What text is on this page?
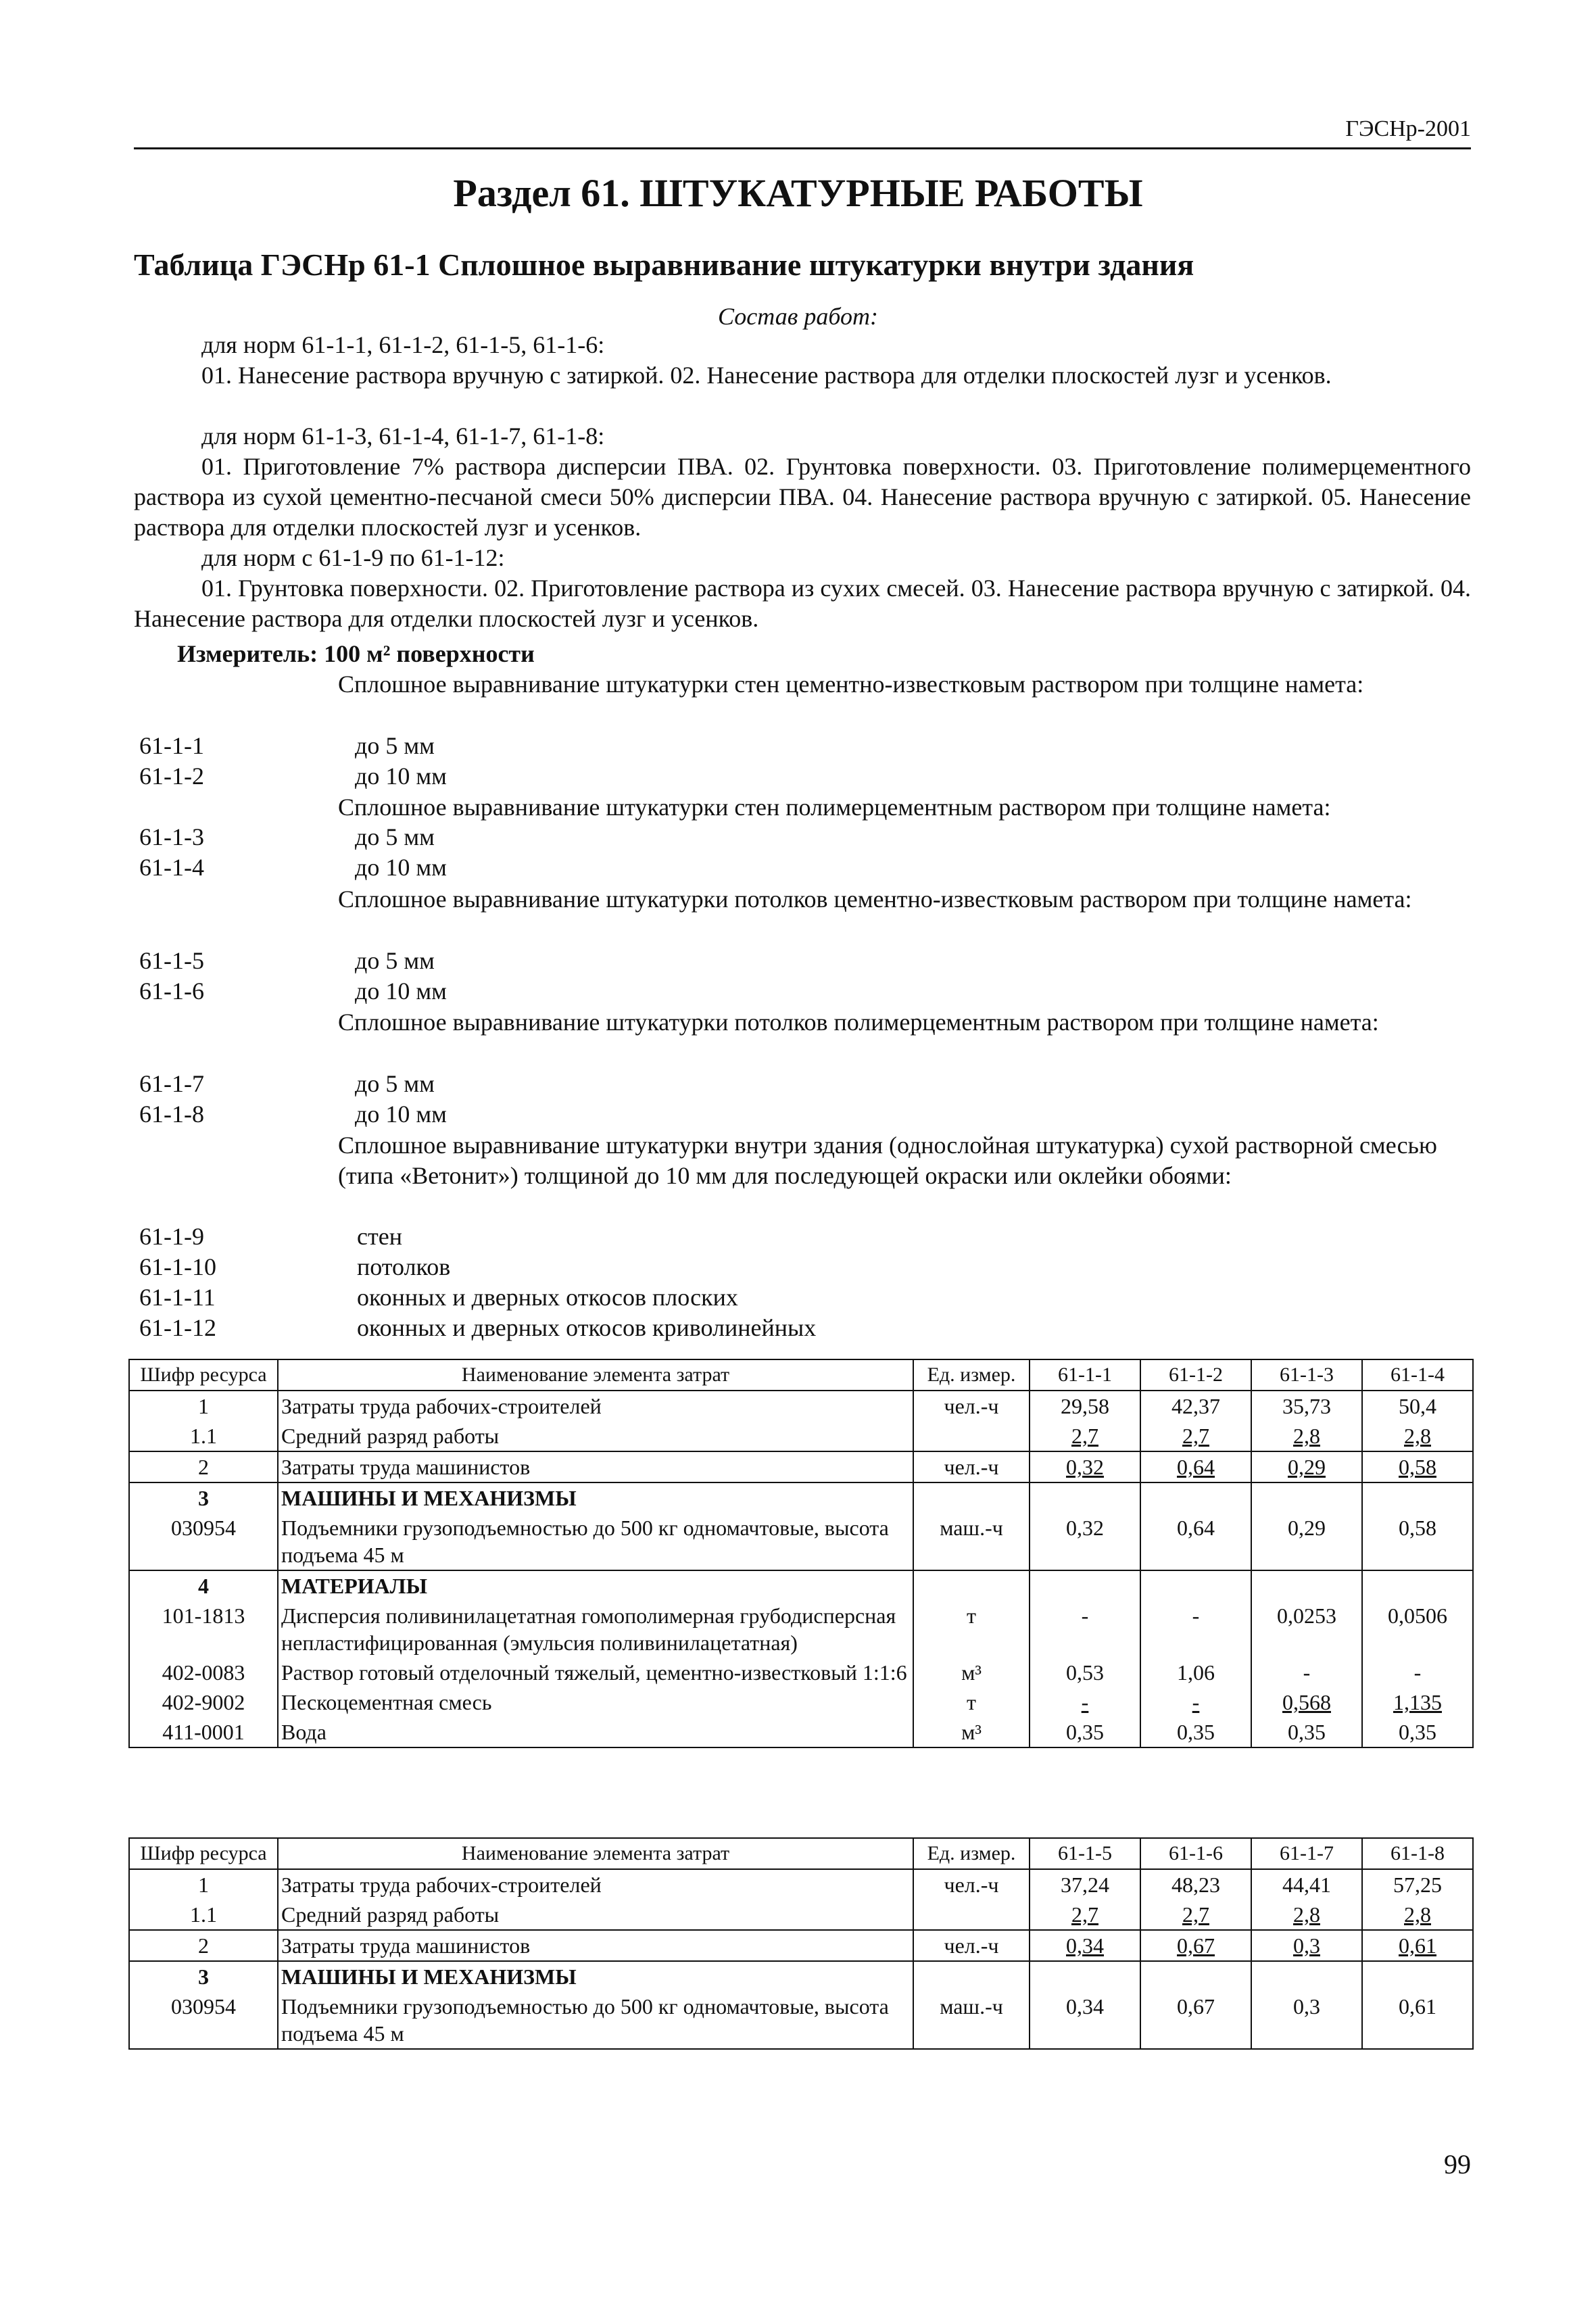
ГЭСНр-2001
Раздел 61. ШТУКАТУРНЫЕ РАБОТЫ
Таблица ГЭСНр 61-1 Сплошное выравнивание штукатурки внутри здания
Состав работ:
для норм 61-1-1, 61-1-2, 61-1-5, 61-1-6:
01. Нанесение раствора вручную с затиркой. 02. Нанесение раствора для отделки плоскостей лузг и усенков.
для норм 61-1-3, 61-1-4, 61-1-7, 61-1-8:
01. Приготовление 7% раствора дисперсии ПВА. 02. Грунтовка поверхности. 03. Приготовление полимерцементного раствора из сухой цементно-песчаной смеси 50% дисперсии ПВА. 04. Нанесение раствора вручную с затиркой. 05. Нанесение раствора для отделки плоскостей лузг и усенков.
для норм с 61-1-9 по 61-1-12:
01. Грунтовка поверхности. 02. Приготовление раствора из сухих смесей. 03. Нанесение раствора вручную с затиркой. 04. Нанесение раствора для отделки плоскостей лузг и усенков.
Измеритель: 100 м² поверхности
Сплошное выравнивание штукатурки стен цементно-известковым раствором при толщине намета:
61-1-1	до 5 мм
61-1-2	до 10 мм
Сплошное выравнивание штукатурки стен полимерцементным раствором при толщине намета:
61-1-3	до 5 мм
61-1-4	до 10 мм
Сплошное выравнивание штукатурки потолков цементно-известковым раствором при толщине намета:
61-1-5	до 5 мм
61-1-6	до 10 мм
Сплошное выравнивание штукатурки потолков полимерцементным раствором при толщине намета:
61-1-7	до 5 мм
61-1-8	до 10 мм
Сплошное выравнивание штукатурки внутри здания (однослойная штукатурка) сухой растворной смесью (типа «Ветонит») толщиной до 10 мм для последующей окраски или оклейки обоями:
61-1-9	стен
61-1-10	потолков
61-1-11	оконных и дверных откосов плоских
61-1-12	оконных и дверных откосов криволинейных
Шифр ресурса	Наименование элемента затрат	Ед. измер.	61-1-1	61-1-2	61-1-3	61-1-4
1	Затраты труда рабочих-строителей	чел.-ч	29,58	42,37	35,73	50,4
1.1	Средний разряд работы		2,7	2,7	2,8	2,8
2	Затраты труда машинистов	чел.-ч	0,32	0,64	0,29	0,58
3	МАШИНЫ И МЕХАНИЗМЫ					
030954	Подъемники грузоподъемностью до 500 кг одномачтовые, высота подъема 45 м	маш.-ч	0,32	0,64	0,29	0,58
4	МАТЕРИАЛЫ					
101-1813	Дисперсия поливинилацетатная гомополимерная грубодисперсная непластифицированная (эмульсия поливинилацетатная)	т	-	-	0,0253	0,0506
402-0083	Раствор готовый отделочный тяжелый, цементно-известковый 1:1:6	м³	0,53	1,06	-	-
402-9002	Пескоцементная смесь	т	-	-	0,568	1,135
411-0001	Вода	м³	0,35	0,35	0,35	0,35
Шифр ресурса	Наименование элемента затрат	Ед. измер.	61-1-5	61-1-6	61-1-7	61-1-8
1	Затраты труда рабочих-строителей	чел.-ч	37,24	48,23	44,41	57,25
1.1	Средний разряд работы		2,7	2,7	2,8	2,8
2	Затраты труда машинистов	чел.-ч	0,34	0,67	0,3	0,61
3	МАШИНЫ И МЕХАНИЗМЫ					
030954	Подъемники грузоподъемностью до 500 кг одномачтовые, высота подъема 45 м	маш.-ч	0,34	0,67	0,3	0,61
99
